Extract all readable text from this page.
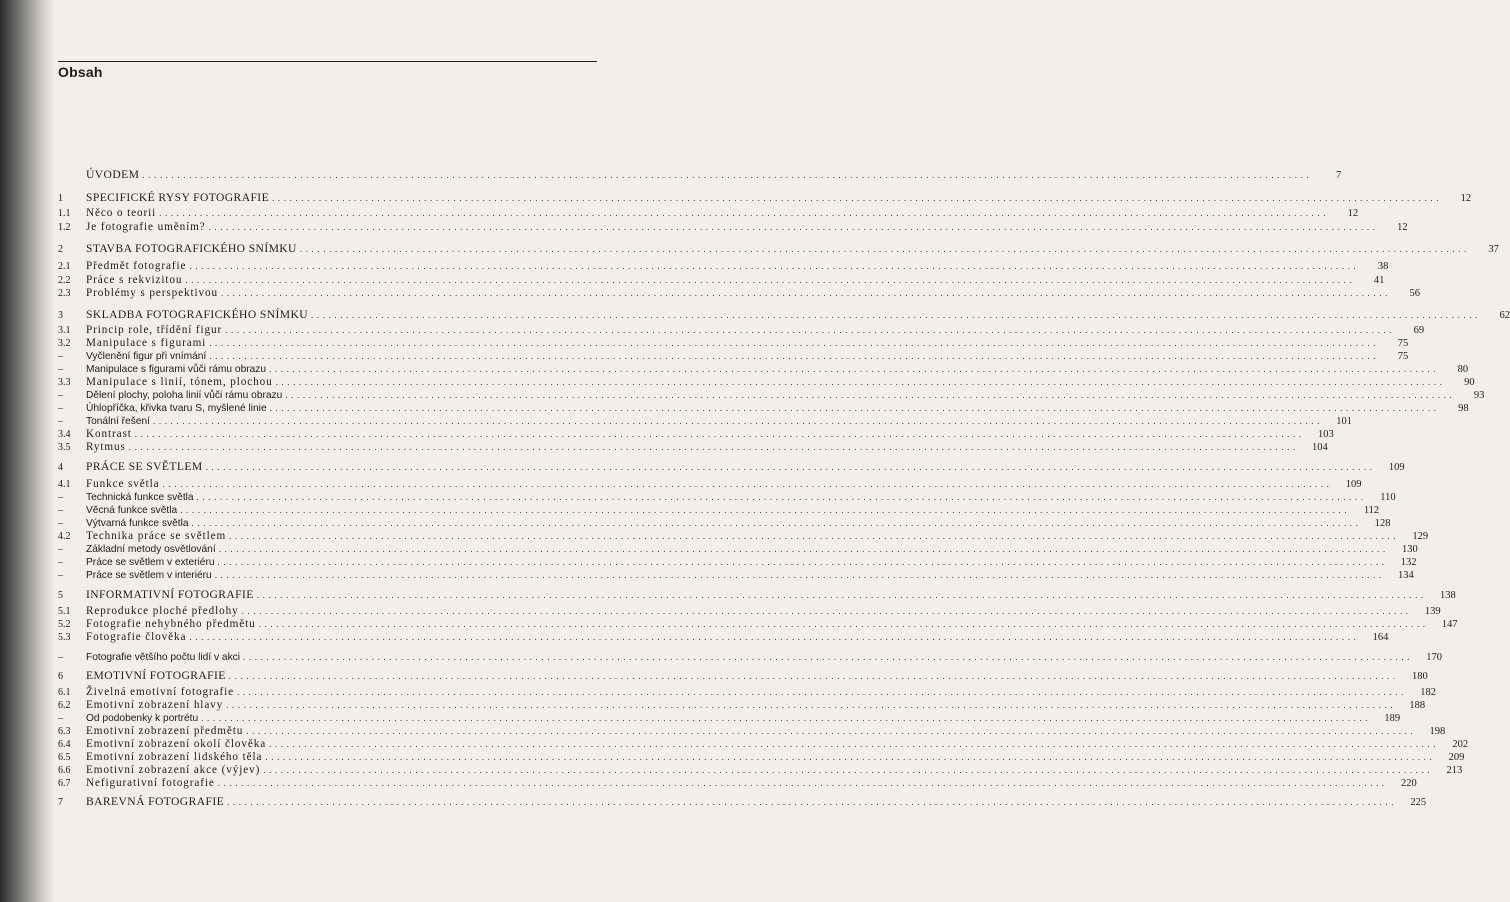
Obsah
ÚVODEM ........................................................................................................................................................................................................	7
1	SPECIFICKÉ RYSY FOTOGRAFIE ........................................................................................................................................................................................................	12
1.1	Něco o teorii ........................................................................................................................................................................................................	12
1.2	Je fotografie uměním? ........................................................................................................................................................................................................	12
2	STAVBA FOTOGRAFICKÉHO SNÍMKU ........................................................................................................................................................................................................	37
2.1	Předmět fotografie ........................................................................................................................................................................................................	38
2.2	Práce s rekvizitou ........................................................................................................................................................................................................	41
2.3	Problémy s perspektivou ........................................................................................................................................................................................................	56
3	SKLADBA FOTOGRAFICKÉHO SNÍMKU ........................................................................................................................................................................................................	62
3.1	Princip role, třídění figur ........................................................................................................................................................................................................	69
3.2	Manipulace s figurami ........................................................................................................................................................................................................	75
–	Vyčlenění figur při vnímání ........................................................................................................................................................................................................	75
–	Manipulace s figurami vůči rámu obrazu ........................................................................................................................................................................................................	80
3.3	Manipulace s linií, tónem, plochou ........................................................................................................................................................................................................	90
–	Dělení plochy, poloha linií vůči rámu obrazu ........................................................................................................................................................................................................	93
–	Úhlopříčka, křivka tvaru S, myšlené linie ........................................................................................................................................................................................................	98
–	Tonální řešení ........................................................................................................................................................................................................	101
3.4	Kontrast ........................................................................................................................................................................................................	103
3.5	Rytmus ........................................................................................................................................................................................................	104
4	PRÁCE SE SVĚTLEM ........................................................................................................................................................................................................	109
4.1	Funkce světla ........................................................................................................................................................................................................	109
–	Technická funkce světla ........................................................................................................................................................................................................	110
–	Věcná funkce světla ........................................................................................................................................................................................................	112
–	Výtvarná funkce světla ........................................................................................................................................................................................................	128
4.2	Technika práce se světlem ........................................................................................................................................................................................................	129
–	Základní metody osvětlování ........................................................................................................................................................................................................	130
–	Práce se světlem v exteriéru ........................................................................................................................................................................................................	132
–	Práce se světlem v interiéru ........................................................................................................................................................................................................	134
5	INFORMATIVNÍ FOTOGRAFIE ........................................................................................................................................................................................................	138
5.1	Reprodukce ploché předlohy ........................................................................................................................................................................................................	139
5.2	Fotografie nehybného předmětu ........................................................................................................................................................................................................	147
5.3	Fotografie člověka ........................................................................................................................................................................................................	164
–	Fotografie většího počtu lidí v akci ........................................................................................................................................................................................................	170
6	EMOTIVNÍ FOTOGRAFIE ........................................................................................................................................................................................................	180
6.1	Živelná emotivní fotografie ........................................................................................................................................................................................................	182
6.2	Emotivní zobrazení hlavy ........................................................................................................................................................................................................	188
–	Od podobenky k portrétu ........................................................................................................................................................................................................	189
6.3	Emotivní zobrazení předmětu ........................................................................................................................................................................................................	198
6.4	Emotivní zobrazení okolí člověka ........................................................................................................................................................................................................	202
6.5	Emotivní zobrazení lidského těla ........................................................................................................................................................................................................	209
6.6	Emotivní zobrazení akce (výjev) ........................................................................................................................................................................................................	213
6.7	Nefigurativní fotografie ........................................................................................................................................................................................................	220
7	BAREVNÁ FOTOGRAFIE ........................................................................................................................................................................................................	225
